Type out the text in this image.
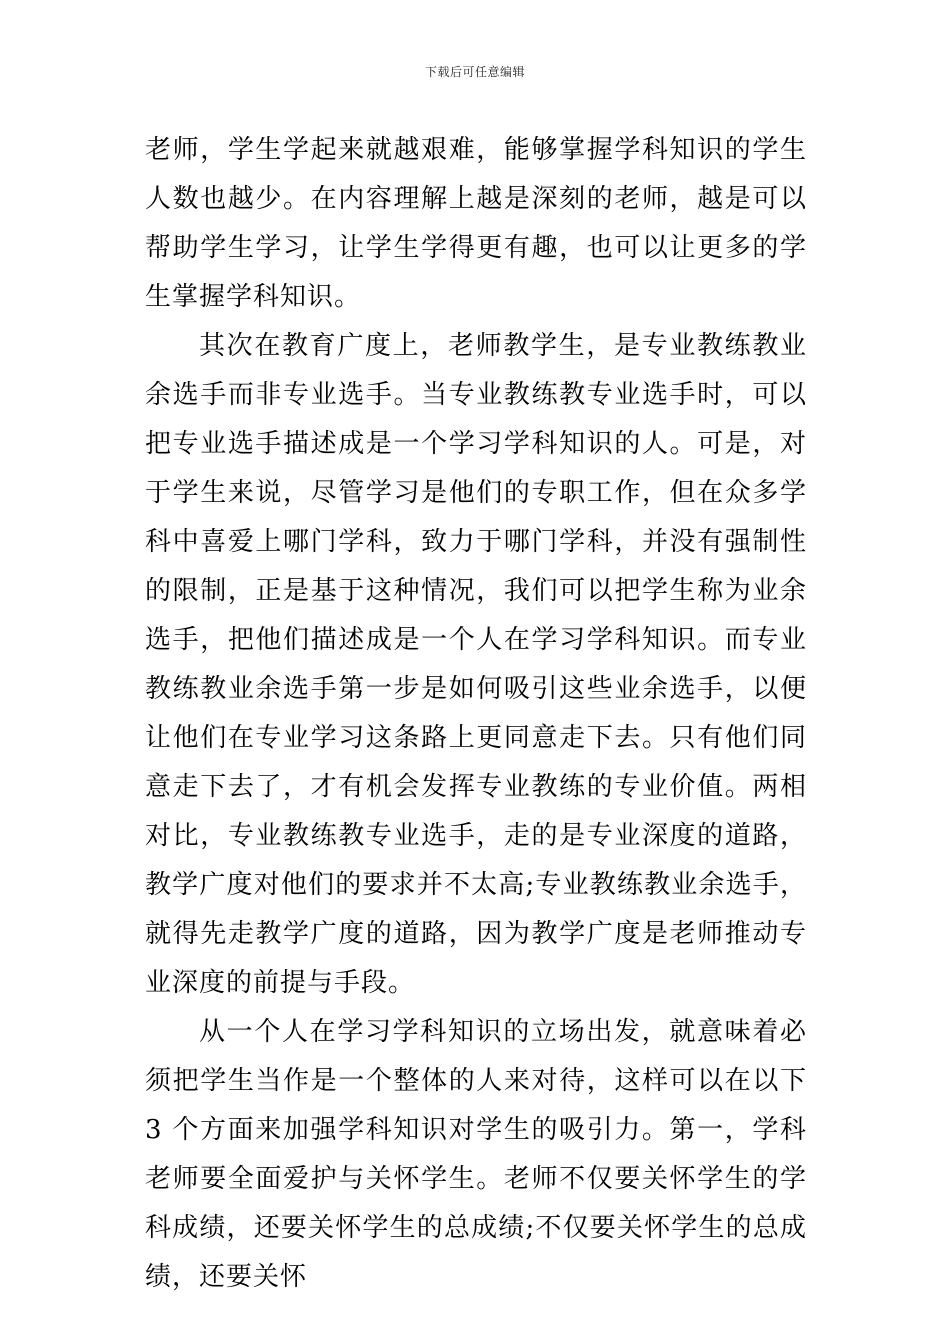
下载后可任意编辑

老师，学生学起来就越艰难，能够掌握学科知识的学生人数也越少。在内容理解上越是深刻的老师，越是可以帮助学生学习，让学生学得更有趣，也可以让更多的学生掌握学科知识。

其次在教育广度上，老师教学生，是专业教练教业余选手而非专业选手。当专业教练教专业选手时，可以把专业选手描述成是一个学习学科知识的人。可是，对于学生来说，尽管学习是他们的专职工作，但在众多学科中喜爱上哪门学科，致力于哪门学科，并没有强制性的限制，正是基于这种情况，我们可以把学生称为业余选手，把他们描述成是一个人在学习学科知识。而专业教练教业余选手第一步是如何吸引这些业余选手，以便让他们在专业学习这条路上更同意走下去。只有他们同意走下去了，才有机会发挥专业教练的专业价值。两相对比，专业教练教专业选手，走的是专业深度的道路，教学广度对他们的要求并不太高;专业教练教业余选手，就得先走教学广度的道路，因为教学广度是老师推动专业深度的前提与手段。

从一个人在学习学科知识的立场出发，就意味着必须把学生当作是一个整体的人来对待，这样可以在以下 3 个方面来加强学科知识对学生的吸引力。第一，学科老师要全面爱护与关怀学生。老师不仅要关怀学生的学科成绩，还要关怀学生的总成绩;不仅要关怀学生的总成绩，还要关怀
